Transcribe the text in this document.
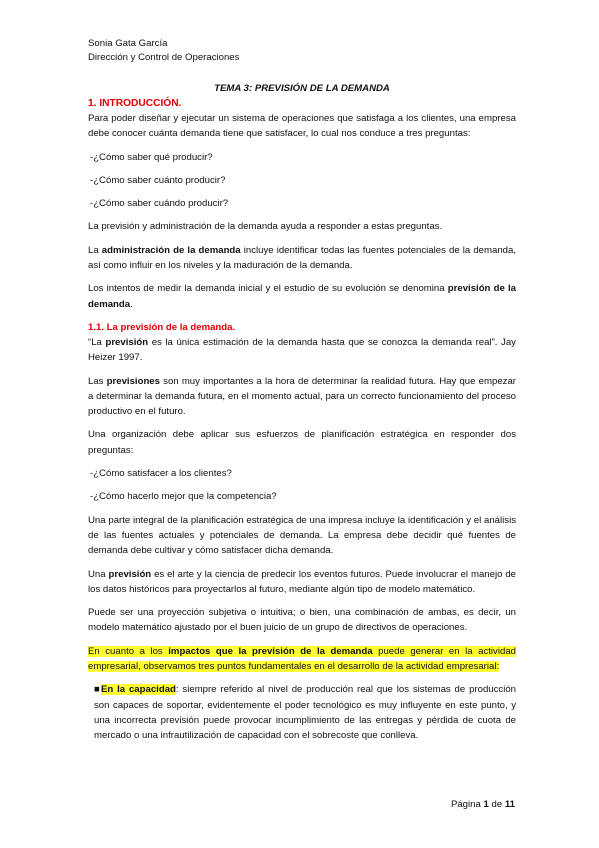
Sonia Gata García
Dirección y Control de Operaciones
TEMA 3: PREVISIÓN DE LA DEMANDA
1. INTRODUCCIÓN.

Para poder diseñar y ejecutar un sistema de operaciones que satisfaga a los clientes, una empresa debe conocer cuánta demanda tiene que satisfacer, lo cual nos conduce a tres preguntas:

-¿Cómo saber qué producir?
-¿Cómo saber cuánto producir?
-¿Cómo saber cuándo producir?

La previsión y administración de la demanda ayuda a responder a estas preguntas.

La administración de la demanda incluye identificar todas las fuentes potenciales de la demanda, así como influir en los niveles y la maduración de la demanda.

Los intentos de medir la demanda inicial y el estudio de su evolución se denomina previsión de la demanda.

1.1. La previsión de la demanda.

“La previsión es la única estimación de la demanda hasta que se conozca la demanda real”. Jay Heizer 1997.

Las previsiones son muy importantes a la hora de determinar la realidad futura. Hay que empezar a determinar la demanda futura, en el momento actual, para un correcto funcionamiento del proceso productivo en el futuro.

Una organización debe aplicar sus esfuerzos de planificación estratégica en responder dos preguntas:

-¿Cómo satisfacer a los clientes?
-¿Cómo hacerlo mejor que la competencia?

Una parte integral de la planificación estratégica de una impresa incluye la identificación y el análisis de las fuentes actuales y potenciales de demanda. La empresa debe decidir qué fuentes de demanda debe cultivar y cómo satisfacer dicha demanda.

Una previsión es el arte y la ciencia de predecir los eventos futuros. Puede involucrar el manejo de los datos históricos para proyectarlos al futuro, mediante algún tipo de modelo matemático.

Puede ser una proyección subjetiva o intuitiva; o bien, una combinación de ambas, es decir, un modelo matemático ajustado por el buen juicio de un grupo de directivos de operaciones.

En cuanto a los impactos que la previsión de la demanda puede generar en la actividad empresarial, observamos tres puntos fundamentales en el desarrollo de la actividad empresarial:

■En la capacidad: siempre referido al nivel de producción real que los sistemas de producción son capaces de soportar, evidentemente el poder tecnológico es muy influyente en este punto, y una incorrecta previsión puede provocar incumplimiento de las entregas y pérdida de cuota de mercado o una infrautilización de capacidad con el sobrecoste que conlleva.

Página 1 de 11
